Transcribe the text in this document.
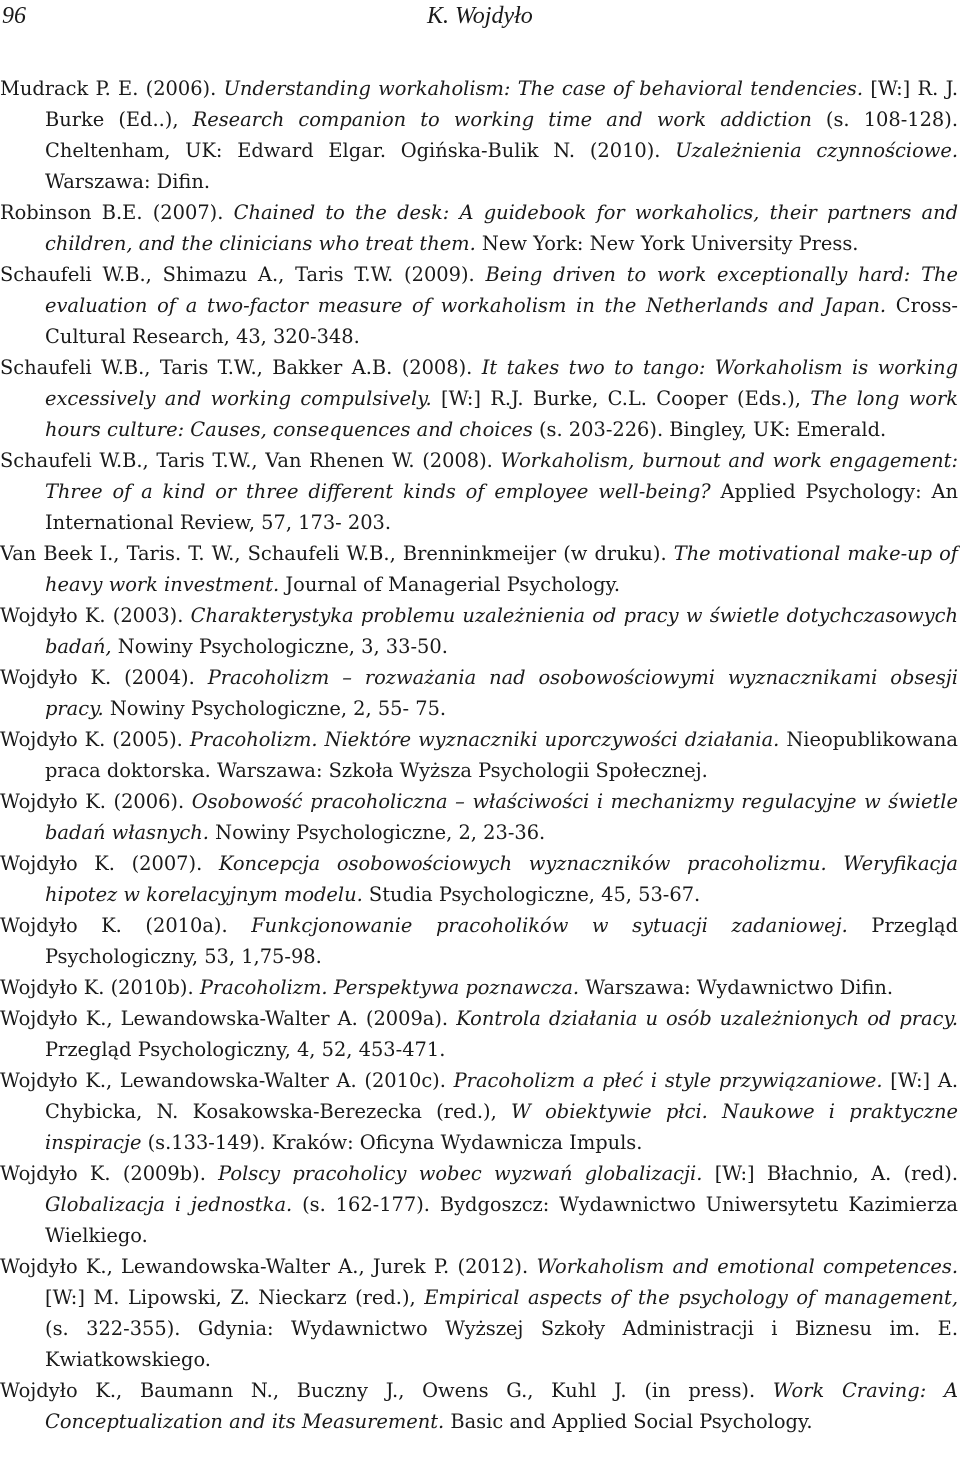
96	K. Wojdyło

Mudrack P. E. (2006). Understanding workaholism: The case of behavioral tendencies. [W:] R. J. Burke (Ed..), Research companion to working time and work addiction (s. 108-128). Cheltenham, UK: Edward Elgar. Ogińska-Bulik N. (2010). Uzależnienia czynnościowe. Warszawa: Difin.

Robinson B.E. (2007). Chained to the desk: A guidebook for workaholics, their partners and children, and the clinicians who treat them. New York: New York University Press.

Schaufeli W.B., Shimazu A., Taris T.W. (2009). Being driven to work exceptionally hard: The evaluation of a two-factor measure of workaholism in the Netherlands and Japan. Cross-Cultural Research, 43, 320-348.

Schaufeli W.B., Taris T.W., Bakker A.B. (2008). It takes two to tango: Workaholism is working excessively and working compulsively. [W:] R.J. Burke, C.L. Cooper (Eds.), The long work hours culture: Causes, consequences and choices (s. 203-226). Bingley, UK: Emerald.

Schaufeli W.B., Taris T.W., Van Rhenen W. (2008). Workaholism, burnout and work engagement: Three of a kind or three different kinds of employee well-being? Applied Psychology: An International Review, 57, 173- 203.

Van Beek I., Taris. T. W., Schaufeli W.B., Brenninkmeijer (w druku). The motivational make-up of heavy work investment. Journal of Managerial Psychology.

Wojdyło K. (2003). Charakterystyka problemu uzależnienia od pracy w świetle dotychczasowych badań, Nowiny Psychologiczne, 3, 33-50.

Wojdyło K. (2004). Pracoholizm – rozważania nad osobowościowymi wyznacznikami obsesji pracy. Nowiny Psychologiczne, 2, 55- 75.

Wojdyło K. (2005). Pracoholizm. Niektóre wyznaczniki uporczywości działania. Nieopublikowana praca doktorska. Warszawa: Szkoła Wyższa Psychologii Społecznej.

Wojdyło K. (2006). Osobowość pracoholiczna – właściwości i mechanizmy regulacyjne w świetle badań własnych. Nowiny Psychologiczne, 2, 23-36.

Wojdyło K. (2007). Koncepcja osobowościowych wyznaczników pracoholizmu. Weryfikacja hipotez w korelacyjnym modelu. Studia Psychologiczne, 45, 53-67.

Wojdyło K. (2010a). Funkcjonowanie pracoholików w sytuacji zadaniowej. Przegląd Psychologiczny, 53, 1,75-98.

Wojdyło K. (2010b). Pracoholizm. Perspektywa poznawcza. Warszawa: Wydawnictwo Difin.

Wojdyło K., Lewandowska-Walter A. (2009a). Kontrola działania u osób uzależnionych od pracy. Przegląd Psychologiczny, 4, 52, 453-471.

Wojdyło K., Lewandowska-Walter A. (2010c). Pracoholizm a płeć i style przywiązaniowe. [W:] A. Chybicka, N. Kosakowska-Berezecka (red.), W obiektywie płci. Naukowe i praktyczne inspiracje (s.133-149). Kraków: Oficyna Wydawnicza Impuls.

Wojdyło K. (2009b). Polscy pracoholicy wobec wyzwań globalizacji. [W:] Błachnio, A. (red). Globalizacja i jednostka. (s. 162-177). Bydgoszcz: Wydawnictwo Uniwersytetu Kazimierza Wielkiego.

Wojdyło K., Lewandowska-Walter A., Jurek P. (2012). Workaholism and emotional competences. [W:] M. Lipowski, Z. Nieckarz (red.), Empirical aspects of the psychology of management, (s. 322-355). Gdynia: Wydawnictwo Wyższej Szkoły Administracji i Biznesu im. E. Kwiatkowskiego.

Wojdyło K., Baumann N., Buczny J., Owens G., Kuhl J. (in press). Work Craving: A Conceptualization and its Measurement. Basic and Applied Social Psychology.
